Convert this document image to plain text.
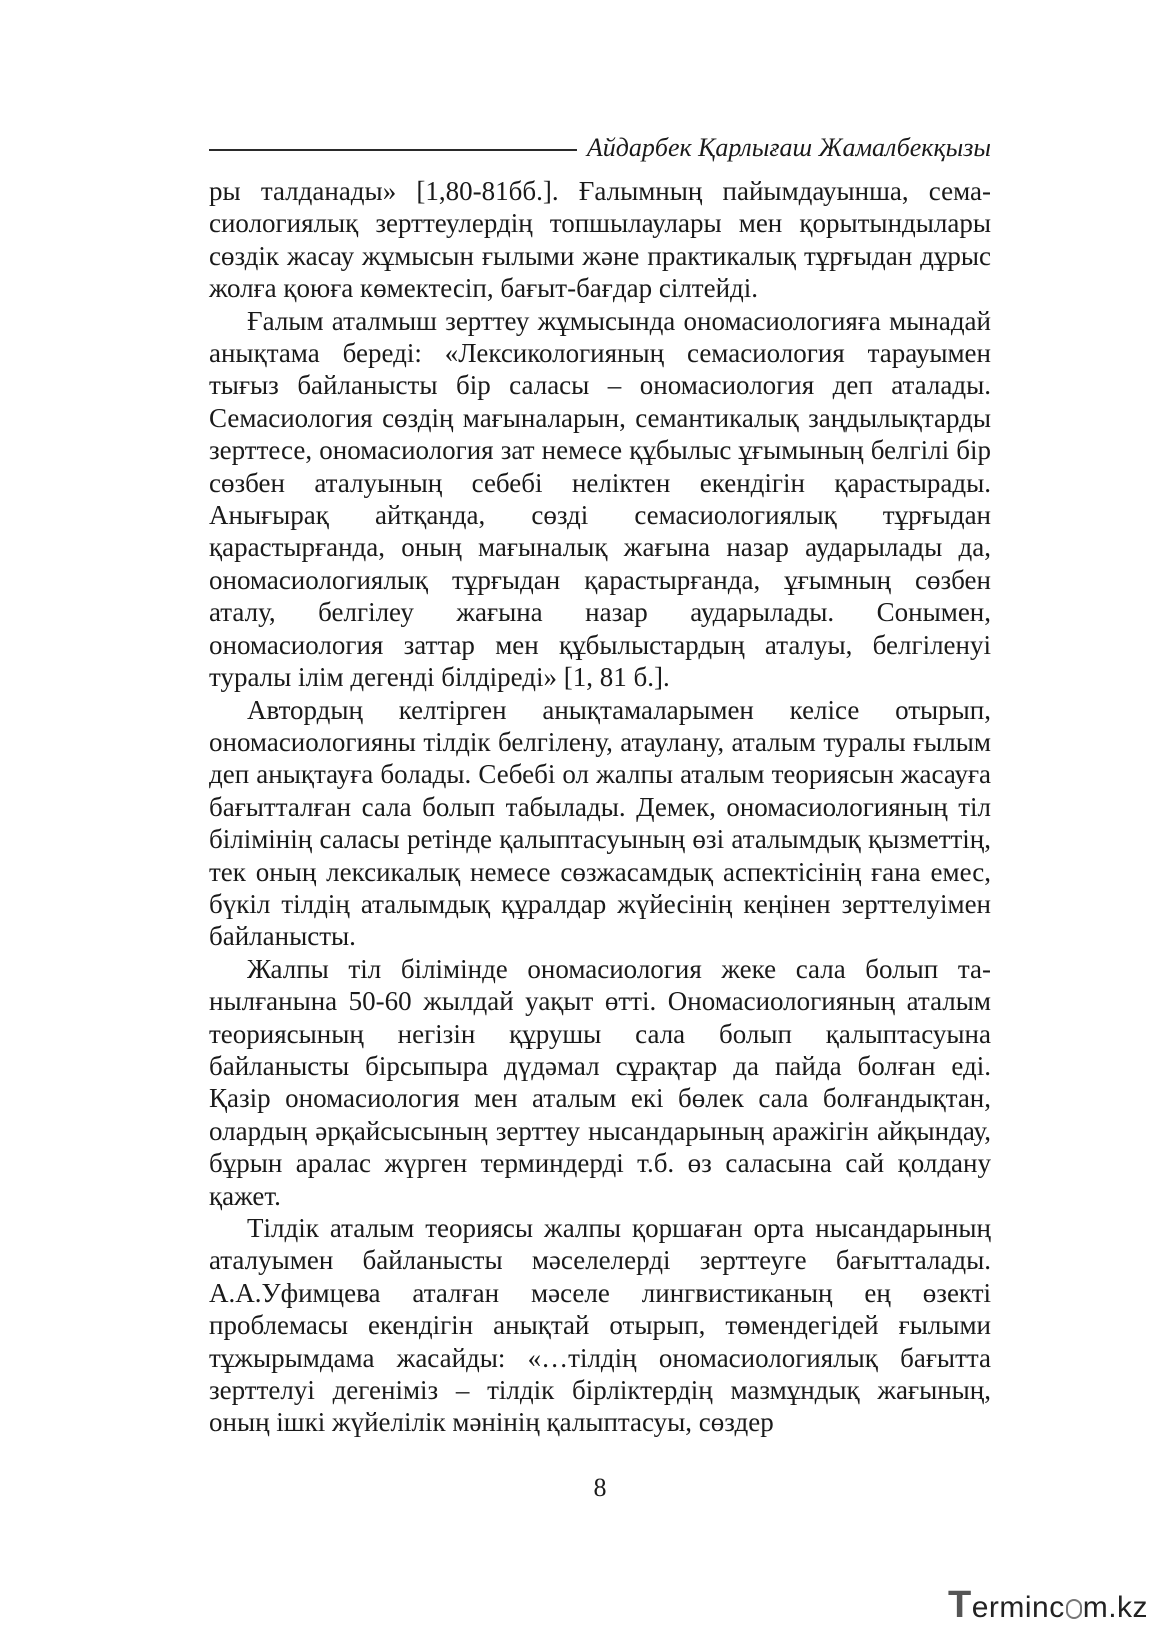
Айдарбек Қарлығаш Жамалбекқызы

ры талданады» [1,80-81бб.]. Ғалымның пайымдауынша, семасиологиялық зерттеулердің топшылаулары мен қорытындылары сөздік жасау жұмысын ғылыми және практикалық тұрғыдан дұрыс жолға қоюға көмектесіп, бағыт-бағдар сілтейді.

Ғалым аталмыш зерттеу жұмысында ономасиологияға мынадай анықтама береді: «Лексикологияның семасиология тарауымен тығыз байланысты бір саласы – ономасиология деп аталады. Семасиология сөздің мағыналарын, семантикалық заңдылықтарды зерттесе, ономасиология зат немесе құбылыс ұғымының белгілі бір сөзбен аталуының себебі неліктен екендігін қарастырады. Анығырақ айтқанда, сөзді семасиологиялық тұрғыдан қарастырғанда, оның мағыналық жағына назар аударылады да, ономасиологиялық тұрғыдан қарастырғанда, ұғымның сөзбен аталу, белгілеу жағына назар аударылады. Сонымен, ономасиология заттар мен құбылыстардың аталуы, белгіленуі туралы ілім дегенді білдіреді» [1, 81 б.].

Автордың келтірген анықтамаларымен келісе отырып, ономасиологияны тілдік белгілену, атаулану, аталым туралы ғылым деп анықтауға болады. Себебі ол жалпы аталым теориясын жасауға бағытталған сала болып табылады. Демек, ономасиологияның тіл білімінің саласы ретінде қалыптасуының өзі аталымдық қызметтің, тек оның лексикалық немесе сөзжасамдық аспектісінің ғана емес, бүкіл тілдің аталымдық құралдар жүйесінің кеңінен зерттелуімен байланысты.

Жалпы тіл білімінде ономасиология жеке сала болып танылғанына 50-60 жылдай уақыт өтті. Ономасиологияның аталым теориясының негізін құрушы сала болып қалыптасуына байланысты бірсыпыра дүдәмал сұрақтар да пайда болған еді. Қазір ономасиология мен аталым екі бөлек сала болғандықтан, олардың әрқайсысының зерттеу нысандарының аражігін айқындау, бұрын аралас жүрген терминдерді т.б. өз саласына сай қолдану қажет.

Тілдік аталым теориясы жалпы қоршаған орта нысандарының аталуымен байланысты мәселелерді зерттеуге бағытталады. А.А.Уфимцева аталған мәселе лингвистиканың ең өзекті проблемасы екендігін анықтай отырып, төмендегідей ғылыми тұжырымдама жасайды: «…тілдің ономасиологиялық бағытта зерттелуі дегеніміз – тілдік бірліктердің мазмұндық жағының, оның ішкі жүйелілік мәнінің қалыптасуы, сөздер

8
Terminc m.kz
